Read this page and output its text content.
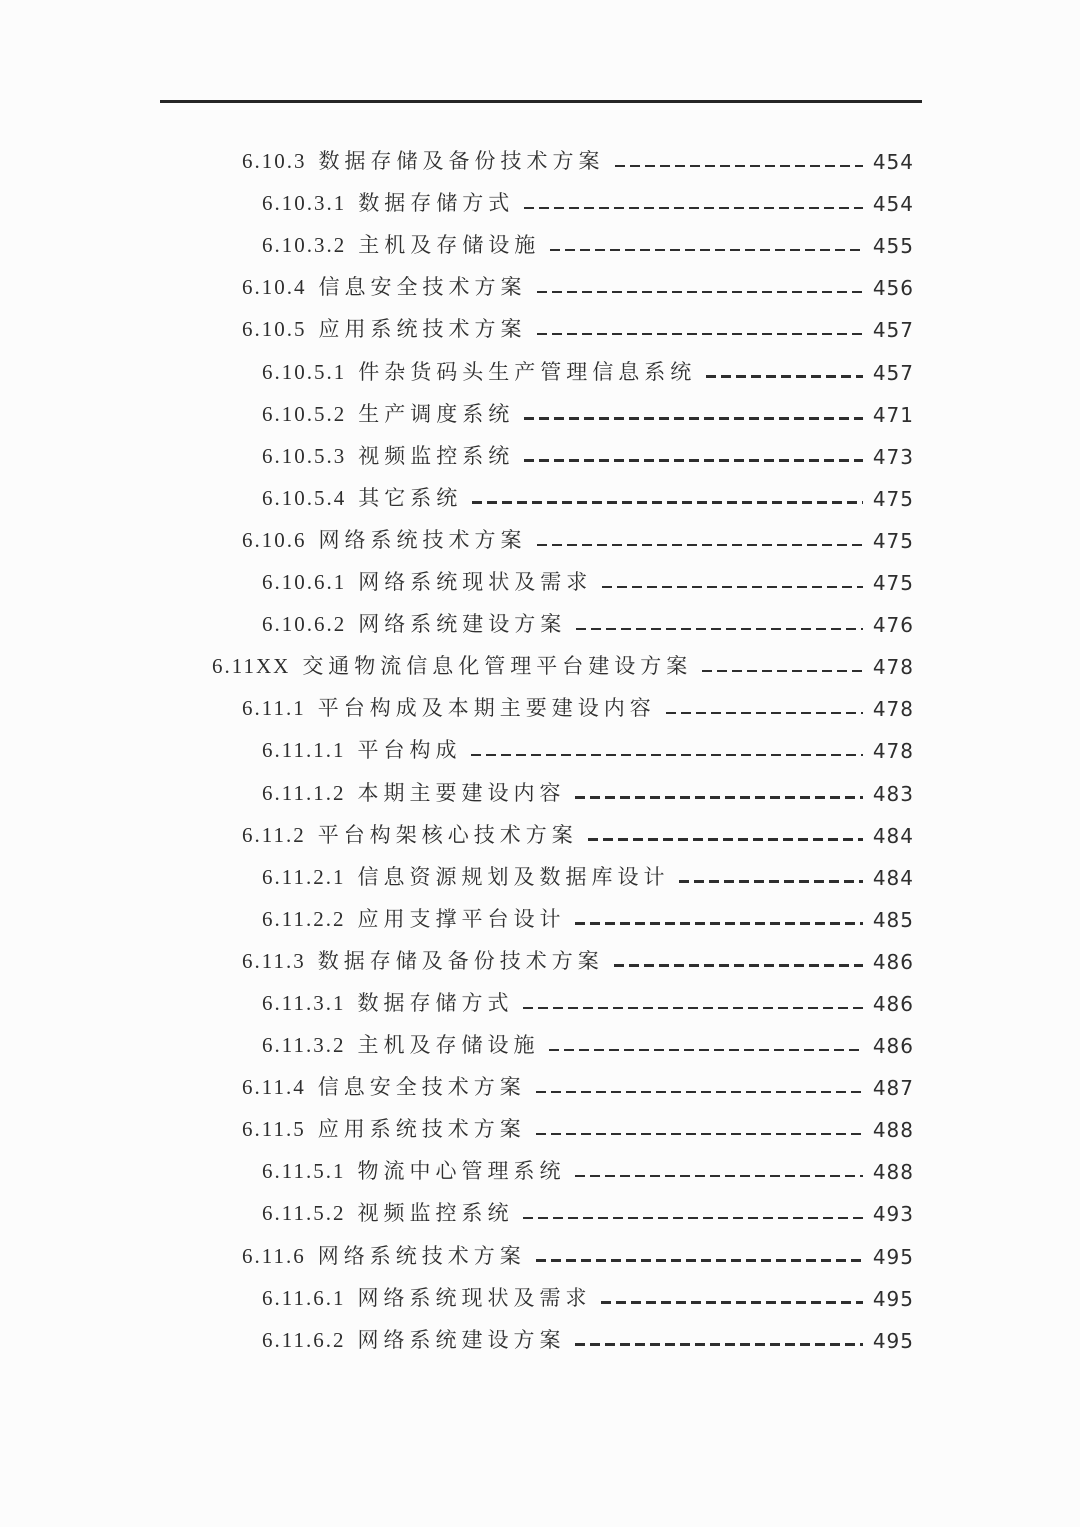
6.10.3 数据存储及备份技术方案	454
6.10.3.1 数据存储方式	454
6.10.3.2 主机及存储设施	455
6.10.4 信息安全技术方案	456
6.10.5 应用系统技术方案	457
6.10.5.1 件杂货码头生产管理信息系统	457
6.10.5.2 生产调度系统	471
6.10.5.3 视频监控系统	473
6.10.5.4 其它系统	475
6.10.6 网络系统技术方案	475
6.10.6.1 网络系统现状及需求	475
6.10.6.2 网络系统建设方案	476
6.11XX 交通物流信息化管理平台建设方案	478
6.11.1 平台构成及本期主要建设内容	478
6.11.1.1 平台构成	478
6.11.1.2 本期主要建设内容	483
6.11.2 平台构架核心技术方案	484
6.11.2.1 信息资源规划及数据库设计	484
6.11.2.2 应用支撑平台设计	485
6.11.3 数据存储及备份技术方案	486
6.11.3.1 数据存储方式	486
6.11.3.2 主机及存储设施	486
6.11.4 信息安全技术方案	487
6.11.5 应用系统技术方案	488
6.11.5.1 物流中心管理系统	488
6.11.5.2 视频监控系统	493
6.11.6 网络系统技术方案	495
6.11.6.1 网络系统现状及需求	495
6.11.6.2 网络系统建设方案	495
